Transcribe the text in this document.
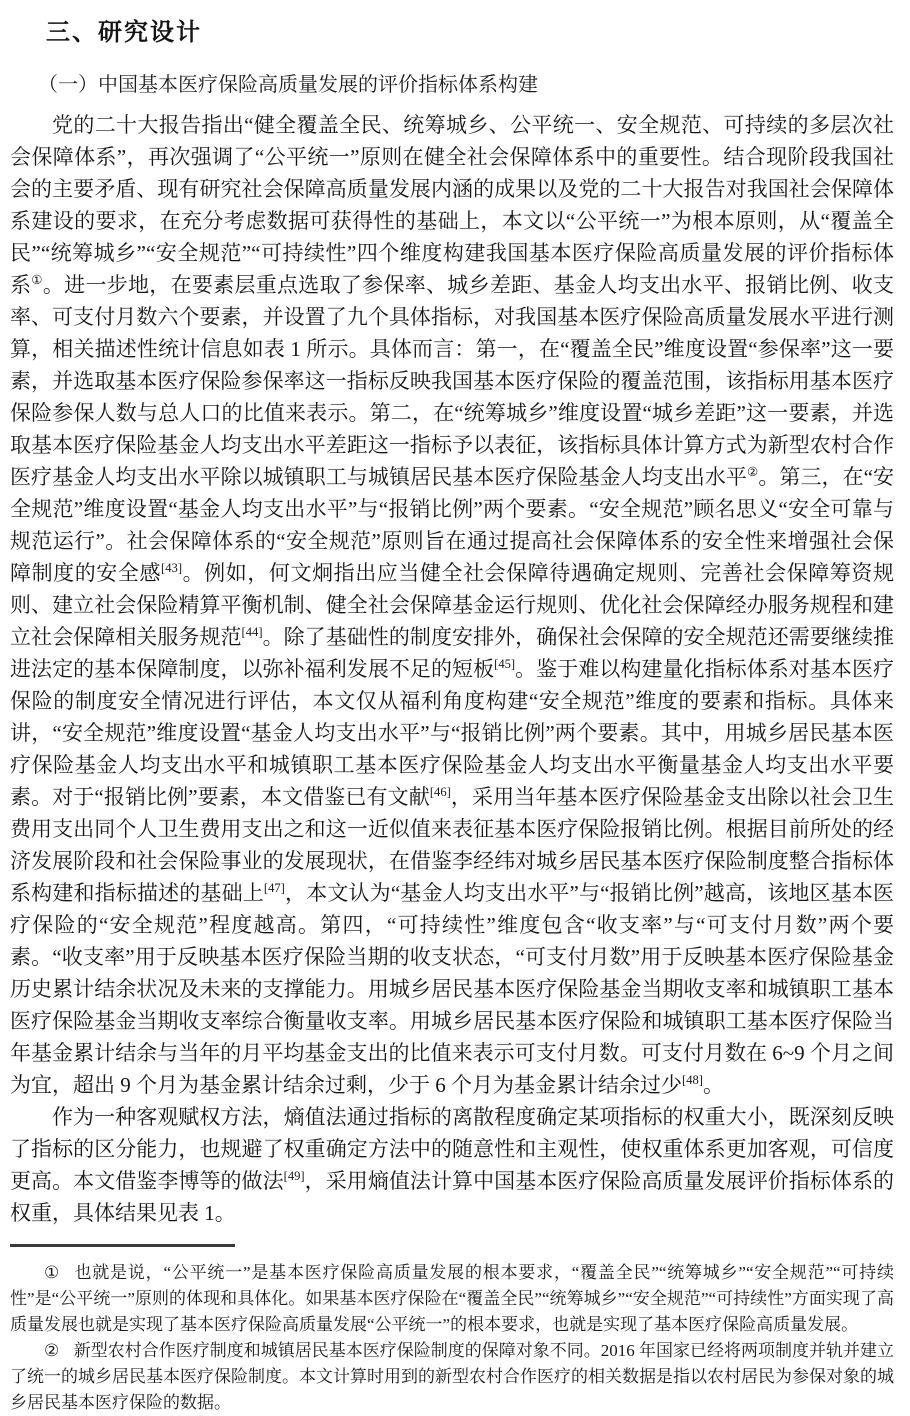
三、研究设计

（一）中国基本医疗保险高质量发展的评价指标体系构建

党的二十大报告指出“健全覆盖全民、统筹城乡、公平统一、安全规范、可持续的多层次社会保障体系”，再次强调了“公平统一”原则在健全社会保障体系中的重要性。结合现阶段我国社会的主要矛盾、现有研究社会保障高质量发展内涵的成果以及党的二十大报告对我国社会保障体系建设的要求，在充分考虑数据可获得性的基础上，本文以“公平统一”为根本原则，从“覆盖全民”“统筹城乡”“安全规范”“可持续性”四个维度构建我国基本医疗保险高质量发展的评价指标体系①。进一步地，在要素层重点选取了参保率、城乡差距、基金人均支出水平、报销比例、收支率、可支付月数六个要素，并设置了九个具体指标，对我国基本医疗保险高质量发展水平进行测算，相关描述性统计信息如表 1 所示。具体而言：第一，在“覆盖全民”维度设置“参保率”这一要素，并选取基本医疗保险参保率这一指标反映我国基本医疗保险的覆盖范围，该指标用基本医疗保险参保人数与总人口的比值来表示。第二，在“统筹城乡”维度设置“城乡差距”这一要素，并选取基本医疗保险基金人均支出水平差距这一指标予以表征，该指标具体计算方式为新型农村合作医疗基金人均支出水平除以城镇职工与城镇居民基本医疗保险基金人均支出水平②。第三，在“安全规范”维度设置“基金人均支出水平”与“报销比例”两个要素。“安全规范”顾名思义“安全可靠与规范运行”。社会保障体系的“安全规范”原则旨在通过提高社会保障体系的安全性来增强社会保障制度的安全感[43]。例如，何文炯指出应当健全社会保障待遇确定规则、完善社会保障筹资规则、建立社会保险精算平衡机制、健全社会保障基金运行规则、优化社会保障经办服务规程和建立社会保障相关服务规范[44]。除了基础性的制度安排外，确保社会保障的安全规范还需要继续推进法定的基本保障制度，以弥补福利发展不足的短板[45]。鉴于难以构建量化指标体系对基本医疗保险的制度安全情况进行评估，本文仅从福利角度构建“安全规范”维度的要素和指标。具体来讲，“安全规范”维度设置“基金人均支出水平”与“报销比例”两个要素。其中，用城乡居民基本医疗保险基金人均支出水平和城镇职工基本医疗保险基金人均支出水平衡量基金人均支出水平要素。对于“报销比例”要素，本文借鉴已有文献[46]，采用当年基本医疗保险基金支出除以社会卫生费用支出同个人卫生费用支出之和这一近似值来表征基本医疗保险报销比例。根据目前所处的经济发展阶段和社会保险事业的发展现状，在借鉴李经纬对城乡居民基本医疗保险制度整合指标体系构建和指标描述的基础上[47]，本文认为“基金人均支出水平”与“报销比例”越高，该地区基本医疗保险的“安全规范”程度越高。第四，“可持续性”维度包含“收支率”与“可支付月数”两个要素。“收支率”用于反映基本医疗保险当期的收支状态，“可支付月数”用于反映基本医疗保险基金历史累计结余状况及未来的支撑能力。用城乡居民基本医疗保险基金当期收支率和城镇职工基本医疗保险基金当期收支率综合衡量收支率。用城乡居民基本医疗保险和城镇职工基本医疗保险当年基金累计结余与当年的月平均基金支出的比值来表示可支付月数。可支付月数在 6~9 个月之间为宜，超出 9 个月为基金累计结余过剩，少于 6 个月为基金累计结余过少[48]。

作为一种客观赋权方法，熵值法通过指标的离散程度确定某项指标的权重大小，既深刻反映了指标的区分能力，也规避了权重确定方法中的随意性和主观性，使权重体系更加客观，可信度更高。本文借鉴李博等的做法[49]，采用熵值法计算中国基本医疗保险高质量发展评价指标体系的权重，具体结果见表 1。

① 也就是说，“公平统一”是基本医疗保险高质量发展的根本要求，“覆盖全民”“统筹城乡”“安全规范”“可持续性”是“公平统一”原则的体现和具体化。如果基本医疗保险在“覆盖全民”“统筹城乡”“安全规范”“可持续性”方面实现了高质量发展也就是实现了基本医疗保险高质量发展“公平统一”的根本要求，也就是实现了基本医疗保险高质量发展。

② 新型农村合作医疗制度和城镇居民基本医疗保险制度的保障对象不同。2016 年国家已经将两项制度并轨并建立了统一的城乡居民基本医疗保险制度。本文计算时用到的新型农村合作医疗的相关数据是指以农村居民为参保对象的城乡居民基本医疗保险的数据。
